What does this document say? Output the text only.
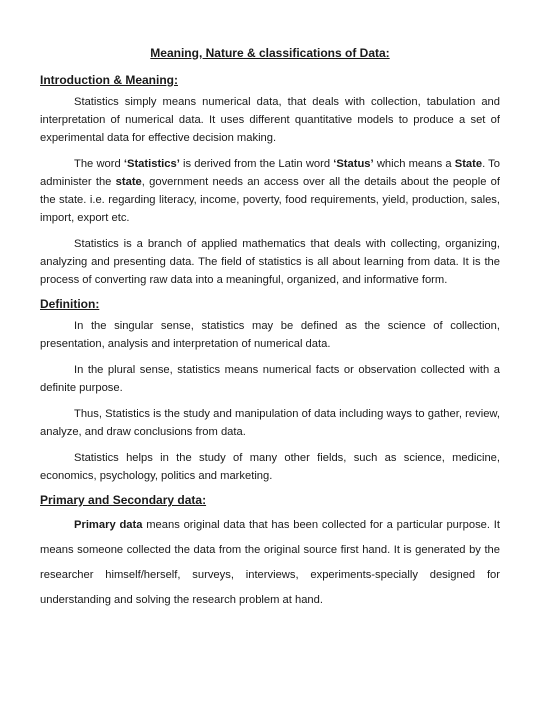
Meaning, Nature & classifications of Data:
Introduction & Meaning:
Statistics simply means numerical data, that deals with collection, tabulation and interpretation of numerical data. It uses different quantitative models to produce a set of experimental data for effective decision making.
The word ‘Statistics’ is derived from the Latin word ‘Status’ which means a State. To administer the state, government needs an access over all the details about the people of the state. i.e. regarding literacy, income, poverty, food requirements, yield, production, sales, import, export etc.
Statistics is a branch of applied mathematics that deals with collecting, organizing, analyzing and presenting data. The field of statistics is all about learning from data. It is the process of converting raw data into a meaningful, organized, and informative form.
Definition:
In the singular sense, statistics may be defined as the science of collection, presentation, analysis and interpretation of numerical data.
In the plural sense, statistics means numerical facts or observation collected with a definite purpose.
Thus, Statistics is the study and manipulation of data including ways to gather, review, analyze, and draw conclusions from data.
Statistics helps in the study of many other fields, such as science, medicine, economics, psychology, politics and marketing.
Primary and Secondary data:
Primary data means original data that has been collected for a particular purpose. It means someone collected the data from the original source first hand. It is generated by the researcher himself/herself, surveys, interviews, experiments-specially designed for understanding and solving the research problem at hand.
